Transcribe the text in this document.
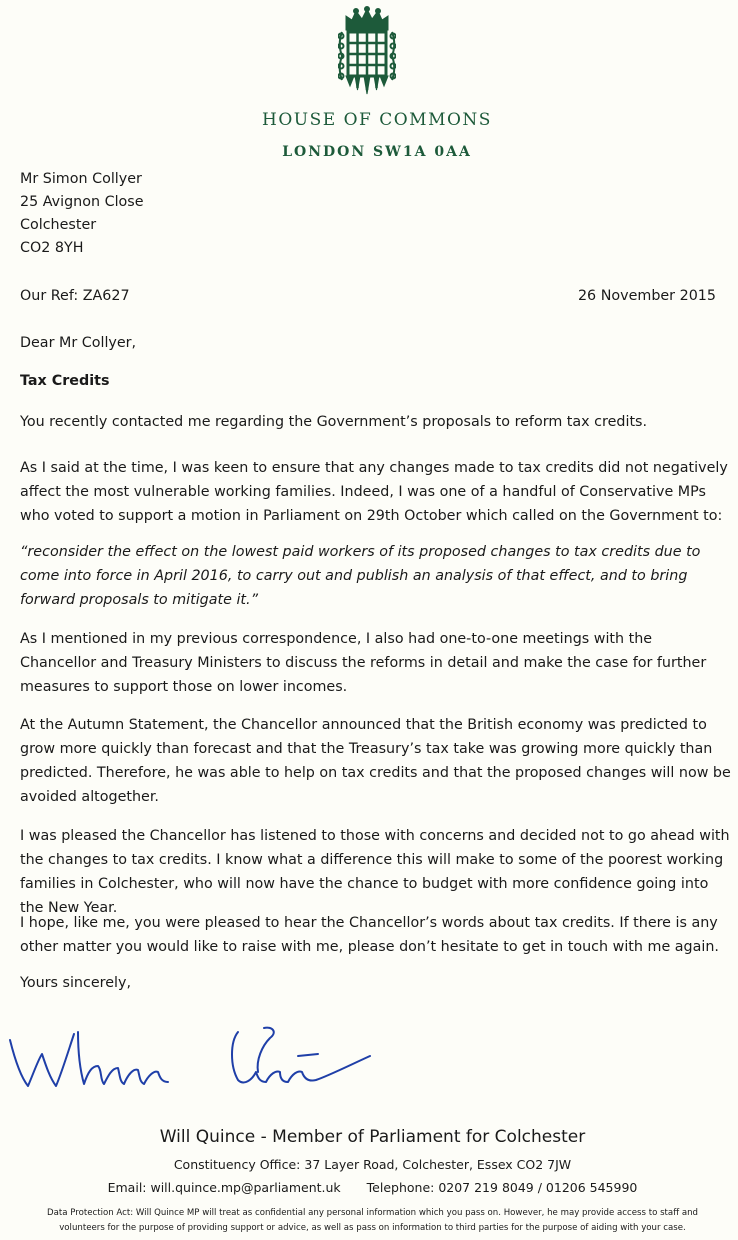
HOUSE OF COMMONS
LONDON SW1A 0AA
Mr Simon Collyer
25 Avignon Close
Colchester
CO2 8YH
Our Ref: ZA627	26 November 2015
Dear Mr Collyer,
Tax Credits
You recently contacted me regarding the Government’s proposals to reform tax credits.
As I said at the time, I was keen to ensure that any changes made to tax credits did not negatively affect the most vulnerable working families. Indeed, I was one of a handful of Conservative MPs who voted to support a motion in Parliament on 29th October which called on the Government to:
“reconsider the effect on the lowest paid workers of its proposed changes to tax credits due to come into force in April 2016, to carry out and publish an analysis of that effect, and to bring forward proposals to mitigate it.”
As I mentioned in my previous correspondence, I also had one-to-one meetings with the Chancellor and Treasury Ministers to discuss the reforms in detail and make the case for further measures to support those on lower incomes.
At the Autumn Statement, the Chancellor announced that the British economy was predicted to grow more quickly than forecast and that the Treasury’s tax take was growing more quickly than predicted. Therefore, he was able to help on tax credits and that the proposed changes will now be avoided altogether.
I was pleased the Chancellor has listened to those with concerns and decided not to go ahead with the changes to tax credits. I know what a difference this will make to some of the poorest working families in Colchester, who will now have the chance to budget with more confidence going into the New Year.
I hope, like me, you were pleased to hear the Chancellor’s words about tax credits. If there is any other matter you would like to raise with me, please don’t hesitate to get in touch with me again.
Yours sincerely,
Will Quince - Member of Parliament for Colchester
Constituency Office: 37 Layer Road, Colchester, Essex CO2 7JW
Email: will.quince.mp@parliament.uk Telephone: 0207 219 8049 / 01206 545990
Data Protection Act: Will Quince MP will treat as confidential any personal information which you pass on. However, he may provide access to staff and
volunteers for the purpose of providing support or advice, as well as pass on information to third parties for the purpose of aiding with your case.
